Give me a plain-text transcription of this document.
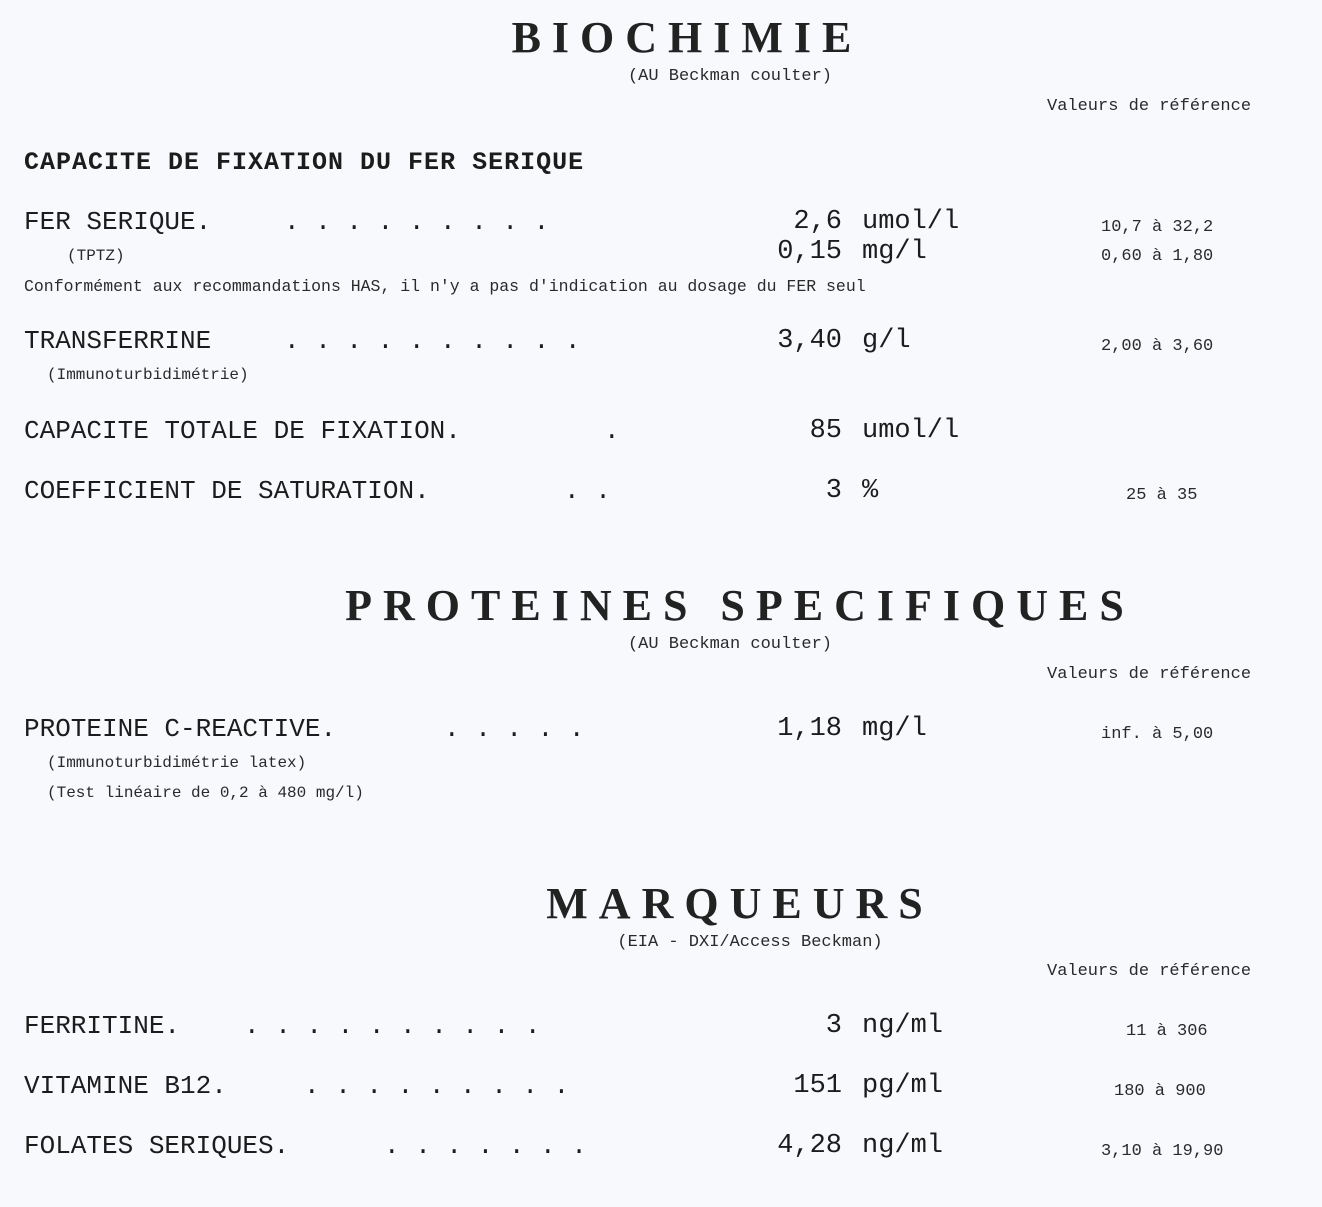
BIOCHIMIE
(AU Beckman coulter)
Valeurs de référence
CAPACITE DE FIXATION DU FER SERIQUE
FER SERIQUE.	. . . . . . . . .	2,6 umol/l	10,7 à 32,2
(TPTZ)	0,15 mg/l	0,60 à 1,80
Conformément aux recommandations HAS, il n'y a pas d'indication au dosage du FER seul
TRANSFERRINE	. . . . . . . . . .	3,40 g/l	2,00 à 3,60
(Immunoturbidimétrie)
CAPACITE TOTALE DE FIXATION.	.	85 umol/l
COEFFICIENT DE SATURATION.	. .	3 %	25 à 35
PROTEINES SPECIFIQUES
(AU Beckman coulter)
Valeurs de référence
PROTEINE C-REACTIVE.	. . . . .	1,18 mg/l	inf. à 5,00
(Immunoturbidimétrie latex)
(Test linéaire de 0,2 à 480 mg/l)
MARQUEURS
(EIA - DXI/Access Beckman)
Valeurs de référence
FERRITINE. . . . . . . . . . .	3 ng/ml	11 à 306
VITAMINE B12.	. . . . . . . . .	151 pg/ml	180 à 900
FOLATES SERIQUES.	. . . . . . .	4,28 ng/ml	3,10 à 19,90
